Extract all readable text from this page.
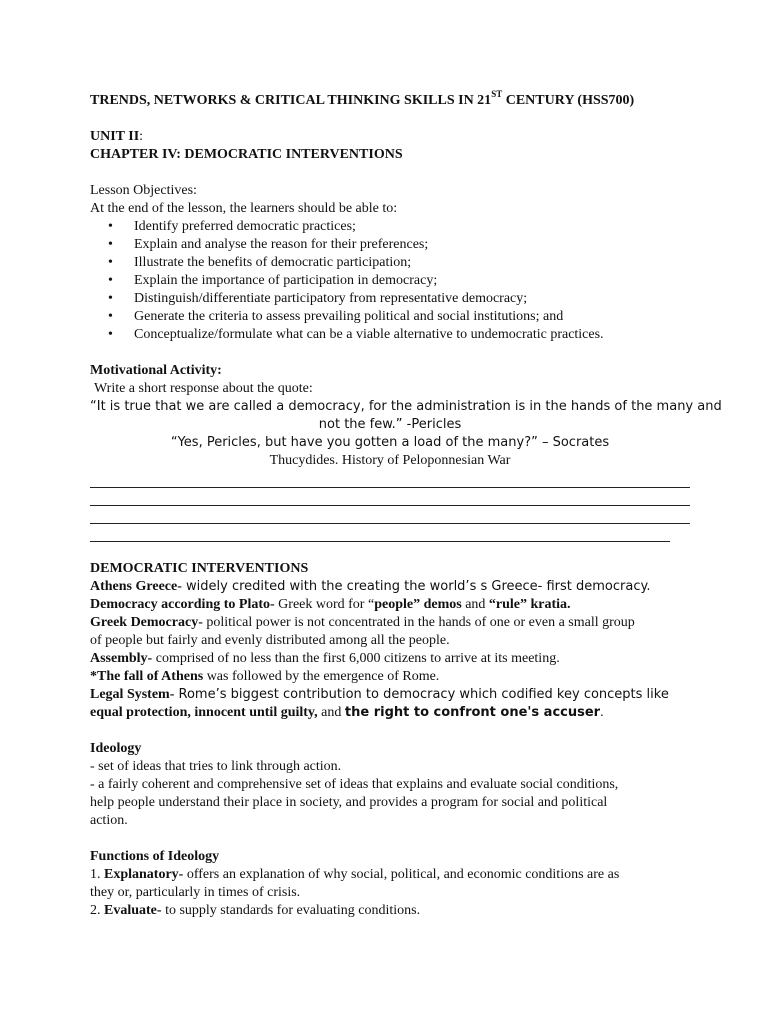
TRENDS, NETWORKS & CRITICAL THINKING SKILLS IN 21ST CENTURY (HSS700)
UNIT II:
CHAPTER IV: DEMOCRATIC INTERVENTIONS
Lesson Objectives:
At the end of the lesson, the learners should be able to:
• Identify preferred democratic practices;
• Explain and analyse the reason for their preferences;
• Illustrate the benefits of democratic participation;
• Explain the importance of participation in democracy;
• Distinguish/differentiate participatory from representative democracy;
• Generate the criteria to assess prevailing political and social institutions; and
• Conceptualize/formulate what can be a viable alternative to undemocratic practices.
Motivational Activity:
Write a short response about the quote:
“It is true that we are called a democracy, for the administration is in the hands of the many and
not the few.” -Pericles
“Yes, Pericles, but have you gotten a load of the many?” – Socrates
Thucydides. History of Peloponnesian War
DEMOCRATIC INTERVENTIONS
Athens Greece- widely credited with the creating the world’s s Greece- first democracy.
Democracy according to Plato- Greek word for “people” demos and “rule” kratia.
Greek Democracy- political power is not concentrated in the hands of one or even a small group
of people but fairly and evenly distributed among all the people.
Assembly- comprised of no less than the first 6,000 citizens to arrive at its meeting.
*The fall of Athens was followed by the emergence of Rome.
Legal System- Rome’s biggest contribution to democracy which codified key concepts like
equal protection, innocent until guilty, and the right to confront one's accuser.
Ideology
- set of ideas that tries to link through action.
- a fairly coherent and comprehensive set of ideas that explains and evaluate social conditions,
help people understand their place in society, and provides a program for social and political
action.
Functions of Ideology
1. Explanatory- offers an explanation of why social, political, and economic conditions are as
they or, particularly in times of crisis.
2. Evaluate- to supply standards for evaluating conditions.
